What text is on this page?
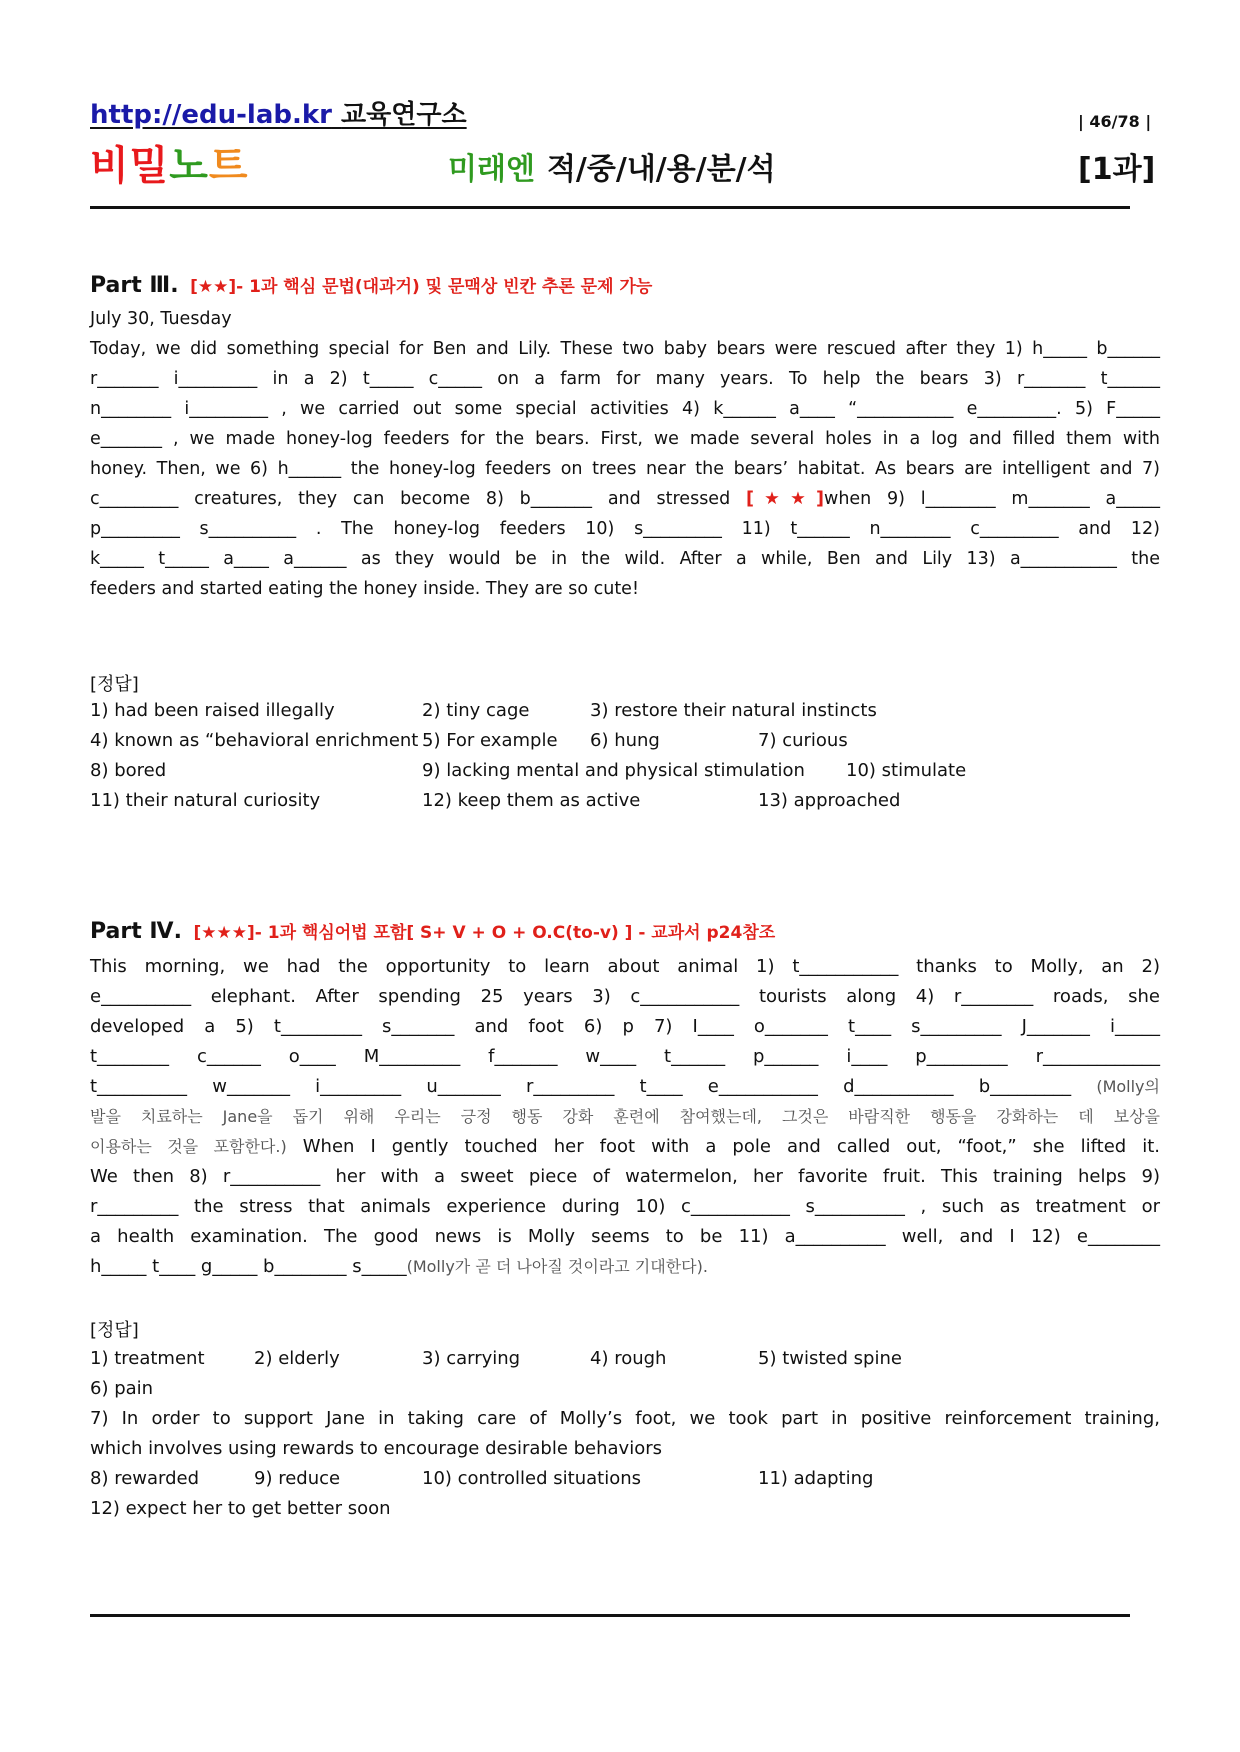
http://edu-lab.kr 교육연구소	| 46/78 |
비밀노트	미래엔 적/중/내/용/분/석	[1과]
Part Ⅲ. [★★]- 1과 핵심 문법(대과거) 및 문맥상 빈칸 추론 문제 가능
July 30, Tuesday
Today, we did something special for Ben and Lily. These two baby bears were rescued after they 1) h_____ b______
r_______ i_________ in a 2) t_____ c_____ on a farm for many years. To help the bears 3) r_______ t______
n________ i_________ , we carried out some special activities 4) k______ a____ “___________ e_________. 5) F_____
e_______ , we made honey-log feeders for the bears. First, we made several holes in a log and filled them with
honey. Then, we 6) h______ the honey-log feeders on trees near the bears’ habitat. As bears are intelligent and 7)
c_________ creatures, they can become 8) b_______ and stressed [★★]when 9) l________ m_______ a_____
p_________ s__________ . The honey-log feeders 10) s_________ 11) t______ n________ c_________ and 12)
k_____ t_____ a____ a______ as they would be in the wild. After a while, Ben and Lily 13) a___________ the
feeders and started eating the honey inside. They are so cute!
[정답]
1) had been raised illegally	2) tiny cage	3) restore their natural instincts
4) known as “behavioral enrichment 5) For example 6) hung	7) curious
8) bored	9) lacking mental and physical stimulation 10) stimulate
11) their natural curiosity	12) keep them as active	13) approached
Part Ⅳ. [★★★]- 1과 핵심어법 포함[ S+ V + O + O.C(to-v) ] - 교과서 p24참조
This morning, we had the opportunity to learn about animal 1) t___________ thanks to Molly, an 2)
e__________ elephant. After spending 25 years 3) c___________ tourists along 4) r________ roads, she
developed a 5) t_________ s_______ and foot 6) p 7) I____ o_______ t____ s_________ J_______ i_____
t________ c______ o____ M_________ f_______ w____ t______ p______ i____ p_________ r_____________
t__________ w_______ i_________ u_______ r_________ t____ e___________ d___________ b_________ (Molly의
발을 치료하는 Jane을 돕기 위해 우리는 긍정 행동 강화 훈련에 참여했는데, 그것은 바람직한 행동을 강화하는 데 보상을
이용하는 것을 포함한다.) When I gently touched her foot with a pole and called out, “foot,” she lifted it.
We then 8) r__________ her with a sweet piece of watermelon, her favorite fruit. This training helps 9)
r_________ the stress that animals experience during 10) c___________ s__________ , such as treatment or
a health examination. The good news is Molly seems to be 11) a__________ well, and I 12) e________
h_____ t____ g_____ b________ s_____(Molly가 곧 더 나아질 것이라고 기대한다).
[정답]
1) treatment	2) elderly	3) carrying	4) rough	5) twisted spine
6) pain
7) In order to support Jane in taking care of Molly’s foot, we took part in positive reinforcement training,
which involves using rewards to encourage desirable behaviors
8) rewarded	9) reduce	10) controlled situations	11) adapting
12) expect her to get better soon
